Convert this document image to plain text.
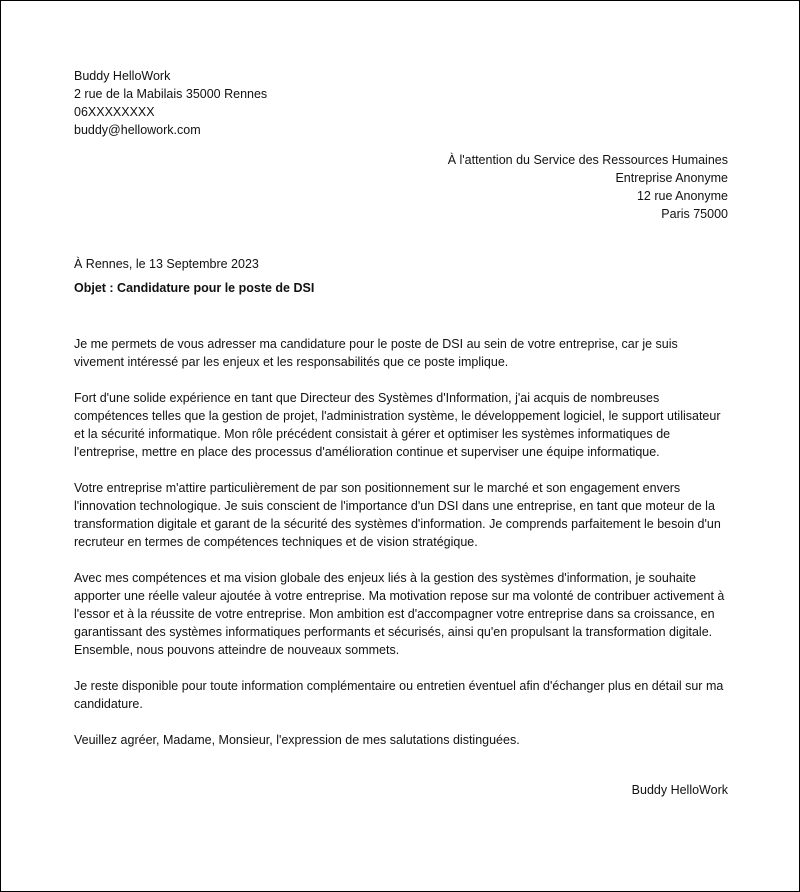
Buddy HelloWork
2 rue de la Mabilais 35000 Rennes
06XXXXXXXX
buddy@hellowork.com
À l'attention du Service des Ressources Humaines
Entreprise Anonyme
12 rue Anonyme
Paris 75000
À Rennes, le 13 Septembre 2023
Objet : Candidature pour le poste de DSI

Je me permets de vous adresser ma candidature pour le poste de DSI au sein de votre entreprise, car je suis vivement intéressé par les enjeux et les responsabilités que ce poste implique.

Fort d'une solide expérience en tant que Directeur des Systèmes d'Information, j'ai acquis de nombreuses compétences telles que la gestion de projet, l'administration système, le développement logiciel, le support utilisateur et la sécurité informatique. Mon rôle précédent consistait à gérer et optimiser les systèmes informatiques de l'entreprise, mettre en place des processus d'amélioration continue et superviser une équipe informatique.

Votre entreprise m'attire particulièrement de par son positionnement sur le marché et son engagement envers l'innovation technologique. Je suis conscient de l'importance d'un DSI dans une entreprise, en tant que moteur de la transformation digitale et garant de la sécurité des systèmes d'information. Je comprends parfaitement le besoin d'un recruteur en termes de compétences techniques et de vision stratégique.

Avec mes compétences et ma vision globale des enjeux liés à la gestion des systèmes d'information, je souhaite apporter une réelle valeur ajoutée à votre entreprise. Ma motivation repose sur ma volonté de contribuer activement à l'essor et à la réussite de votre entreprise. Mon ambition est d'accompagner votre entreprise dans sa croissance, en garantissant des systèmes informatiques performants et sécurisés, ainsi qu'en propulsant la transformation digitale. Ensemble, nous pouvons atteindre de nouveaux sommets.

Je reste disponible pour toute information complémentaire ou entretien éventuel afin d'échanger plus en détail sur ma candidature.

Veuillez agréer, Madame, Monsieur, l'expression de mes salutations distinguées.

Buddy HelloWork
